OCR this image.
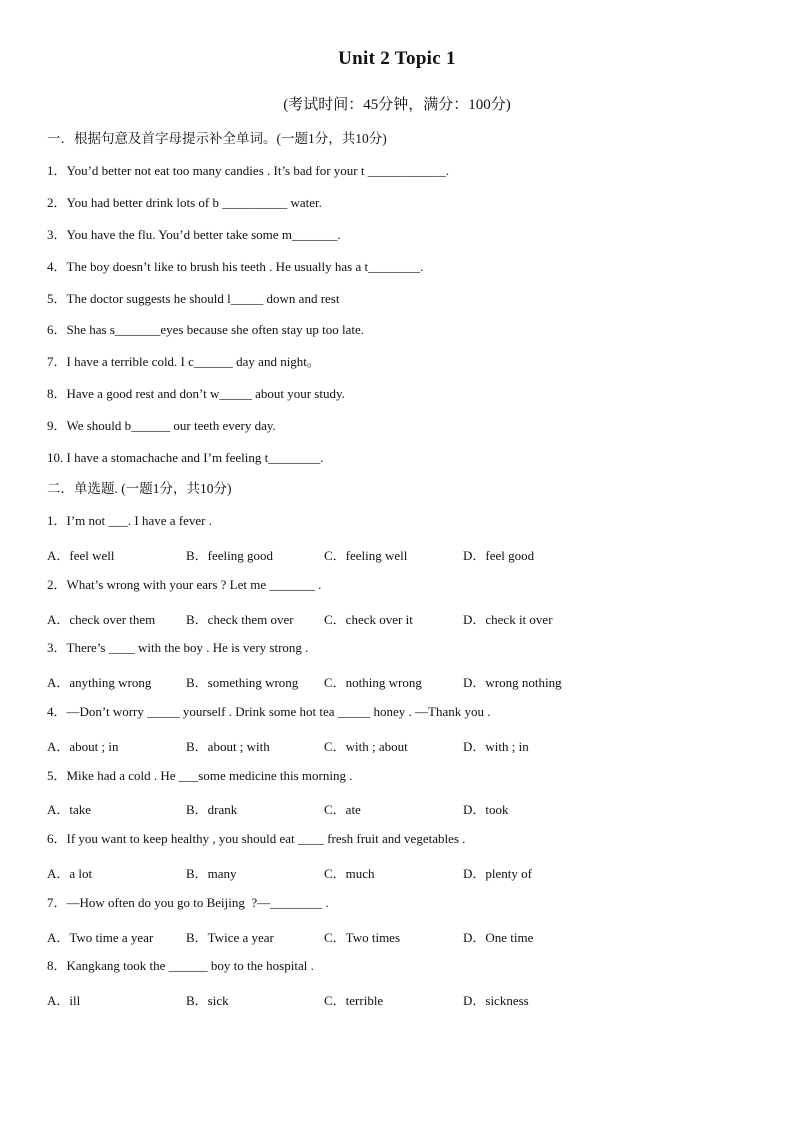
Unit 2 Topic 1
(考试时间：45分钟，满分：100分)
一．根据句意及首字母提示补全单词。(一题1分，共10分)
1．You’d better not eat too many candies . It’s bad for your t ____________.
2．You had better drink lots of b __________ water.
3．You have the flu. You’d better take some m_______.
4．The boy doesn’t like to brush his teeth . He usually has a t________.
5．The doctor suggests he should l_____ down and rest
6．She has s_______eyes because she often stay up too late.
7．I have a terrible cold. I c______ day and night。
8．Have a good rest and don’t w_____ about your study.
9．We should b______ our teeth every day.
10. I have a stomachache and I’m feeling t________.
二．单选题. (一题1分，共10分)
1．I’m not ___. I have a fever .
A．feel well	B．feeling good	C．feeling well	D．feel good
2．What’s wrong with your ears ? Let me _______ .
A．check over them B．check them over C．check over it	D．check it over
3．There’s ____ with the boy . He is very strong .
A．anything wrong	B．something wrong C．nothing wrong	D．wrong nothing
4．—Don’t worry _____ yourself . Drink some hot tea _____ honey . —Thank you .
A．about ; in	B．about ; with	C．with ; about	D．with ; in
5．Mike had a cold . He ___some medicine this morning .
A．take	B．drank	C．ate	D．took
6．If you want to keep healthy , you should eat ____ fresh fruit and vegetables .
A．a lot	B．many	C．much	D．plenty of
7．—How often do you go to Beijing  ?—________ .
A．Two time a year	B．Twice a year	C．Two times	D．One time
8．Kangkang took the ______ boy to the hospital .
A．ill	B．sick	C．terrible	D．sickness
